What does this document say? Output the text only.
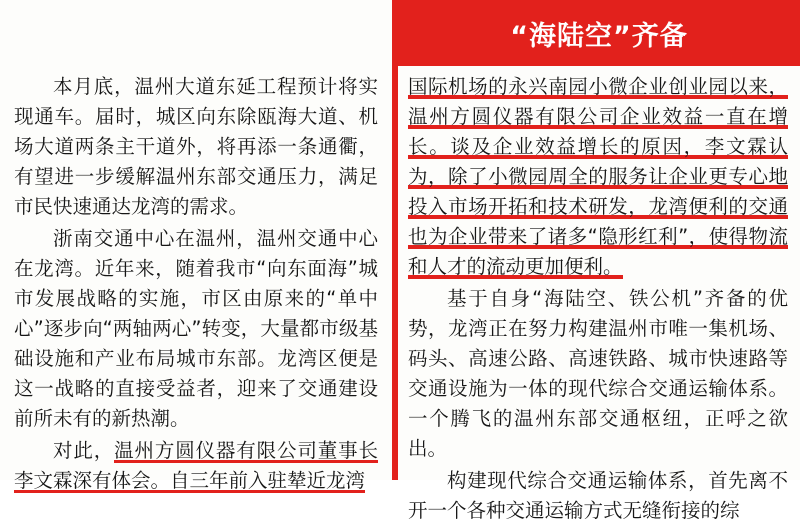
“海陆空”齐备

本月底，温州大道东延工程预计将实现通车。届时，城区向东除瓯海大道、机场大道两条主干道外，将再添一条通衢，有望进一步缓解温州东部交通压力，满足市民快速通达龙湾的需求。

浙南交通中心在温州，温州交通中心在龙湾。近年来，随着我市“向东面海”城市发展战略的实施，市区由原来的“单中心”逐步向“两轴两心”转变，大量都市级基础设施和产业布局城市东部。龙湾区便是这一战略的直接受益者，迎来了交通建设前所未有的新热潮。

对此，温州方圆仪器有限公司董事长李文霖深有体会。自三年前入驻辇近龙湾

国际机场的永兴南园小微企业创业园以来，温州方圆仪器有限公司企业效益一直在增长。谈及企业效益增长的原因，李文霖认为，除了小微园周全的服务让企业更专心地投入市场开拓和技术研发，龙湾便利的交通也为企业带来了诸多“隐形红利”，使得物流和人才的流动更加便利。

基于自身“海陆空、铁公机”齐备的优势，龙湾正在努力构建温州市唯一集机场、码头、高速公路、高速铁路、城市快速路等交通设施为一体的现代综合交通运输体系。一个腾飞的温州东部交通枢纽，正呼之欲出。

构建现代综合交通运输体系，首先离不开一个各种交通运输方式无缝衔接的综
